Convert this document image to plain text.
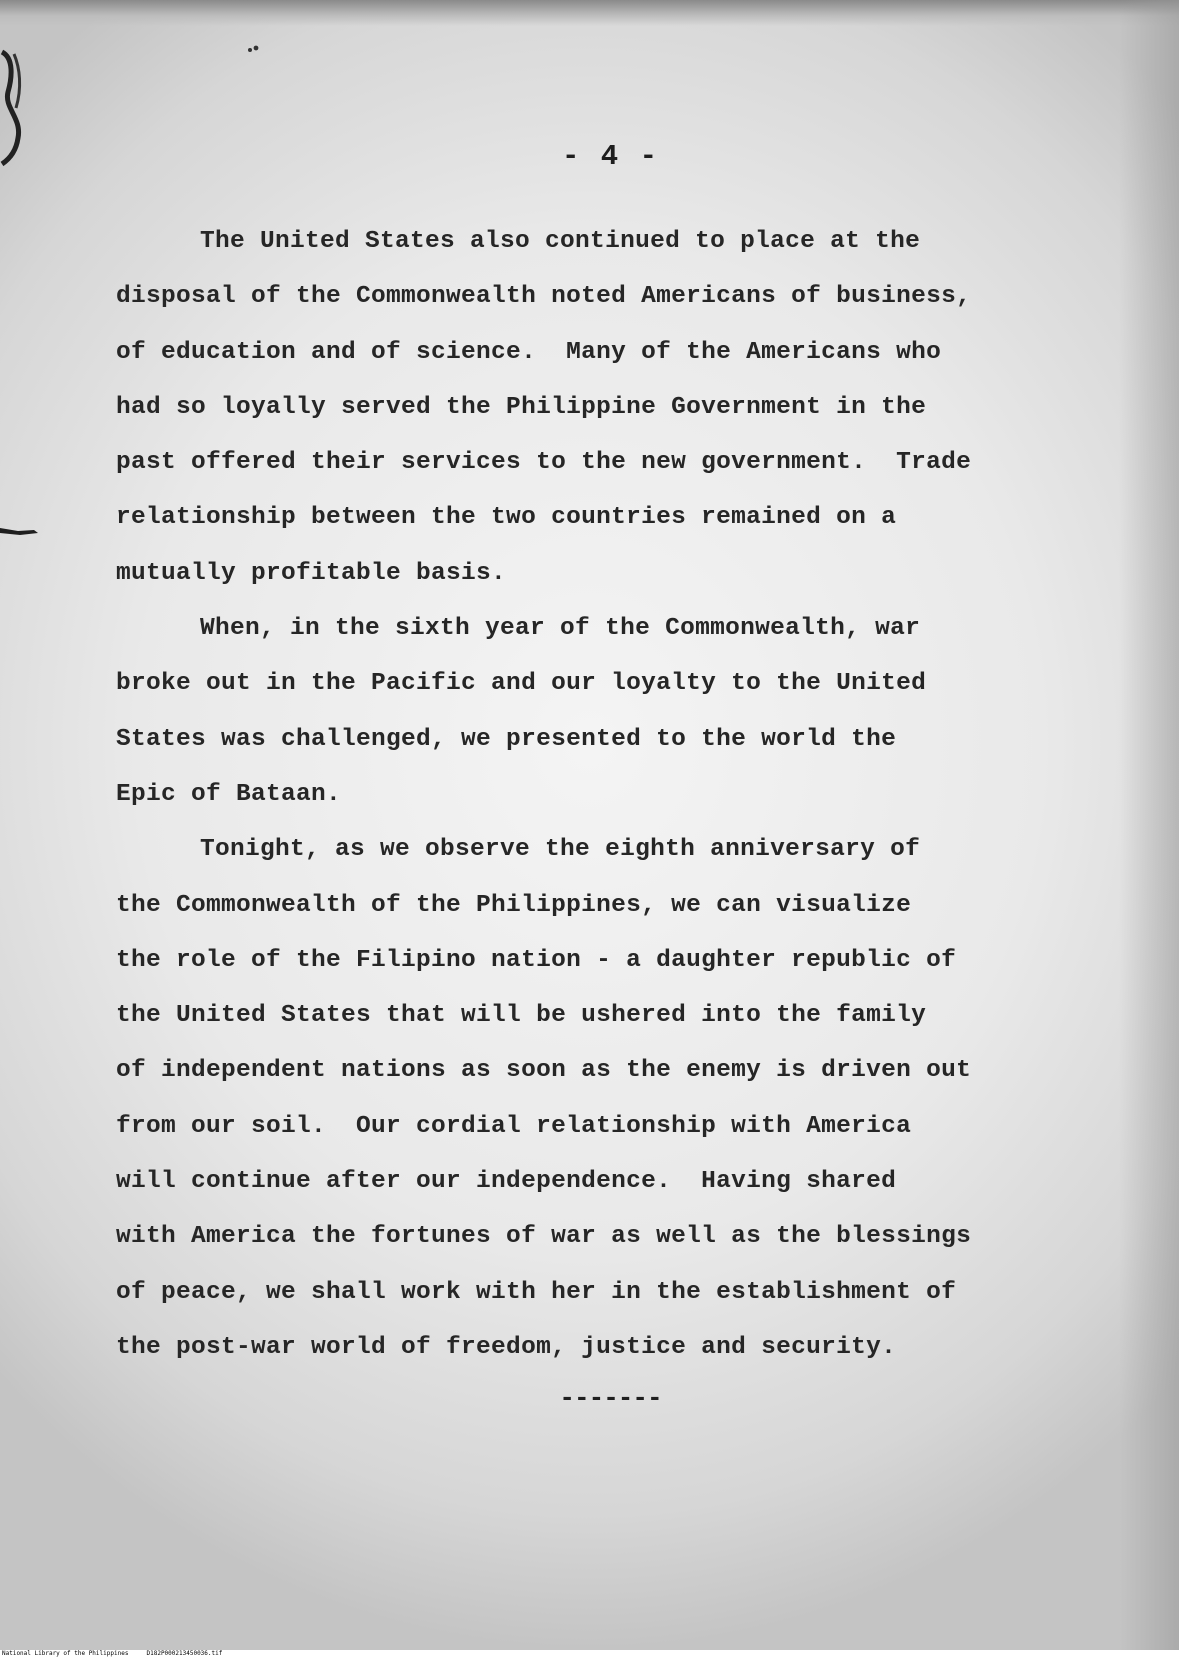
- 4 -
The United States also continued to place at the
disposal of the Commonwealth noted Americans of business,
of education and of science.  Many of the Americans who
had so loyally served the Philippine Government in the
past offered their services to the new government.  Trade
relationship between the two countries remained on a
mutually profitable basis.
When, in the sixth year of the Commonwealth, war
broke out in the Pacific and our loyalty to the United
States was challenged, we presented to the world the
Epic of Bataan.
Tonight, as we observe the eighth anniversary of
the Commonwealth of the Philippines, we can visualize
the role of the Filipino nation - a daughter republic of
the United States that will be ushered into the family
of independent nations as soon as the enemy is driven out
from our soil.  Our cordial relationship with America
will continue after our independence.  Having shared
with America the fortunes of war as well as the blessings
of peace, we shall work with her in the establishment of
the post-war world of freedom, justice and security.
-------
National Library of the Philippines	D182P000213450036.tif
